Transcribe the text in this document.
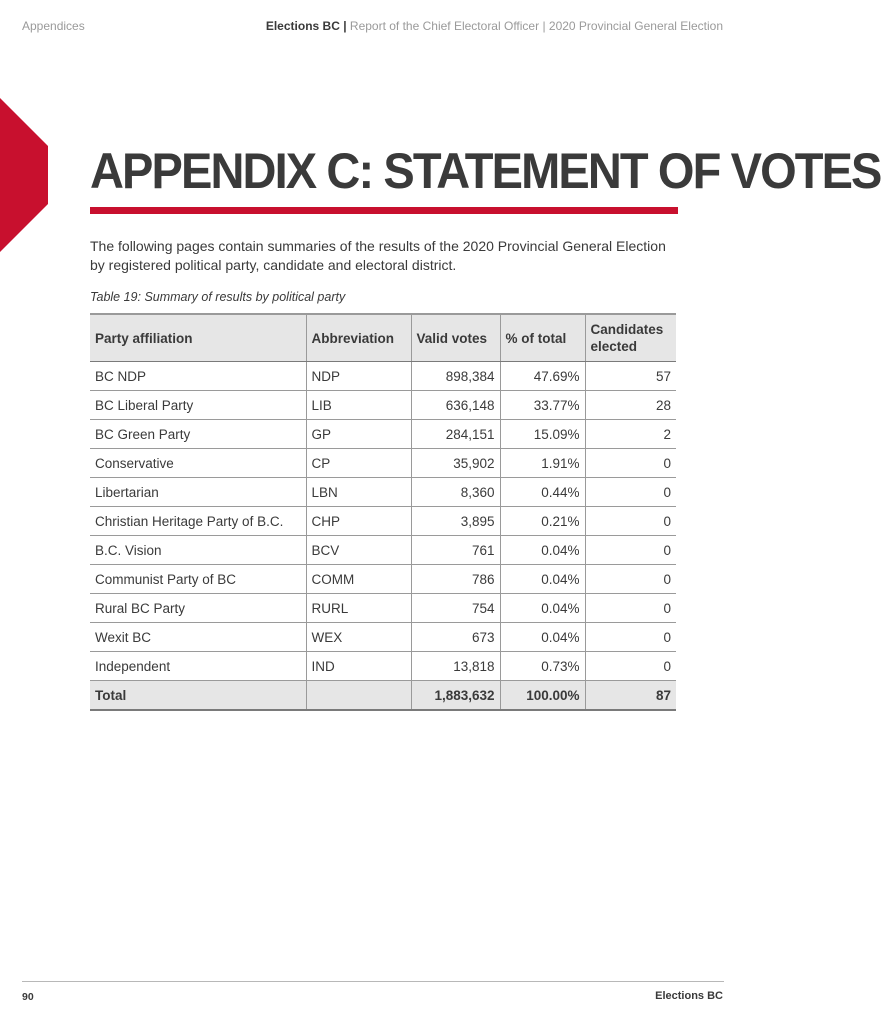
Appendices	Elections BC | Report of the Chief Electoral Officer | 2020 Provincial General Election
APPENDIX C: STATEMENT OF VOTES

The following pages contain summaries of the results of the 2020 Provincial General Election by registered political party, candidate and electoral district.

Table 19: Summary of results by political party

Party affiliation	Abbreviation	Valid votes	% of total	Candidates elected
BC NDP	NDP	898,384	47.69%	57
BC Liberal Party	LIB	636,148	33.77%	28
BC Green Party	GP	284,151	15.09%	2
Conservative	CP	35,902	1.91%	0
Libertarian	LBN	8,360	0.44%	0
Christian Heritage Party of B.C.	CHP	3,895	0.21%	0
B.C. Vision	BCV	761	0.04%	0
Communist Party of BC	COMM	786	0.04%	0
Rural BC Party	RURL	754	0.04%	0
Wexit BC	WEX	673	0.04%	0
Independent	IND	13,818	0.73%	0
Total		1,883,632	100.00%	87
90	Elections BC
